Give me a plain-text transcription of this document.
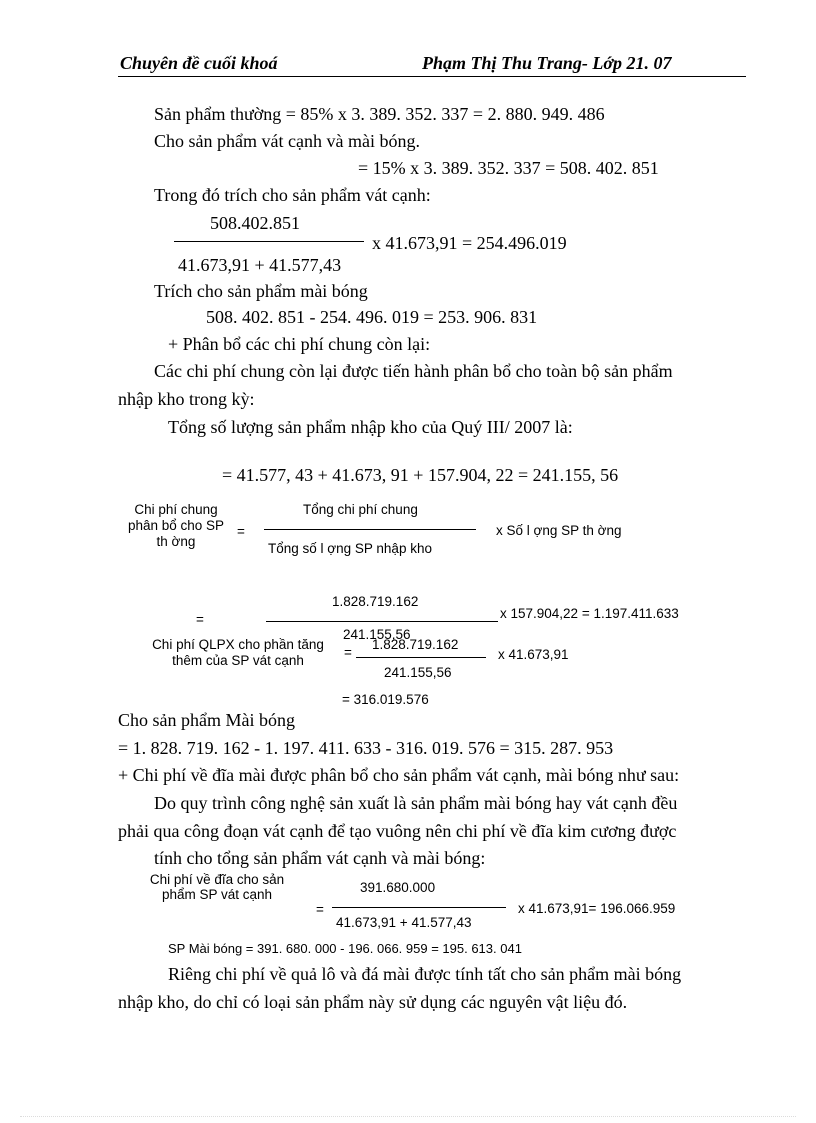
Chuyên đề cuối khoá	Phạm Thị Thu Trang- Lớp 21. 07
Sản phẩm thường = 85% x 3. 389. 352. 337 = 2. 880. 949. 486
Cho sản phẩm vát cạnh và mài bóng.
= 15% x 3. 389. 352. 337 = 508. 402. 851
Trong đó trích cho sản phẩm vát cạnh:
508.402.851
x 41.673,91 = 254.496.019
41.673,91 + 41.577,43
Trích cho sản phẩm mài bóng
508. 402. 851 - 254. 496. 019 = 253. 906. 831
+ Phân bổ các chi phí chung còn lại:
Các chi phí chung còn lại được tiến hành phân bổ cho toàn bộ sản phẩm
nhập kho trong kỳ:
Tổng số lượng sản phẩm nhập kho của Quý III/ 2007 là:
= 41.577, 43 + 41.673, 91 + 157.904, 22 = 241.155, 56
Chi phí chung
phân bổ cho SP
th ờng
=
Tổng chi phí chung
Tổng số l ợng SP nhập kho
x Số l ợng SP th ờng
1.828.719.162
=	x 157.904,22 = 1.197.411.633
241.155,56
Chi phí QLPX cho phần tăng
thêm của SP vát cạnh
=
1.828.719.162
x 41.673,91
241.155,56
= 316.019.576
Cho sản phẩm Mài bóng
= 1. 828. 719. 162 - 1. 197. 411. 633 - 316. 019. 576 = 315. 287. 953
+ Chi phí về đĩa mài được phân bổ cho sản phẩm vát cạnh, mài bóng như sau:
Do quy trình công nghệ sản xuất là sản phẩm mài bóng hay vát cạnh đều
phải qua công đoạn vát cạnh để tạo vuông nên chi phí về đĩa kim cương được
tính cho tổng sản phẩm vát cạnh và mài bóng:
Chi phí về đĩa cho sản
phẩm SP vát cạnh
=
391.680.000
41.673,91 + 41.577,43
x 41.673,91= 196.066.959
SP Mài bóng = 391. 680. 000 - 196. 066. 959 = 195. 613. 041
Riêng chi phí về quả lô và đá mài được tính tất cho sản phẩm mài bóng
nhập kho, do chỉ có loại sản phẩm này sử dụng các nguyên vật liệu đó.
